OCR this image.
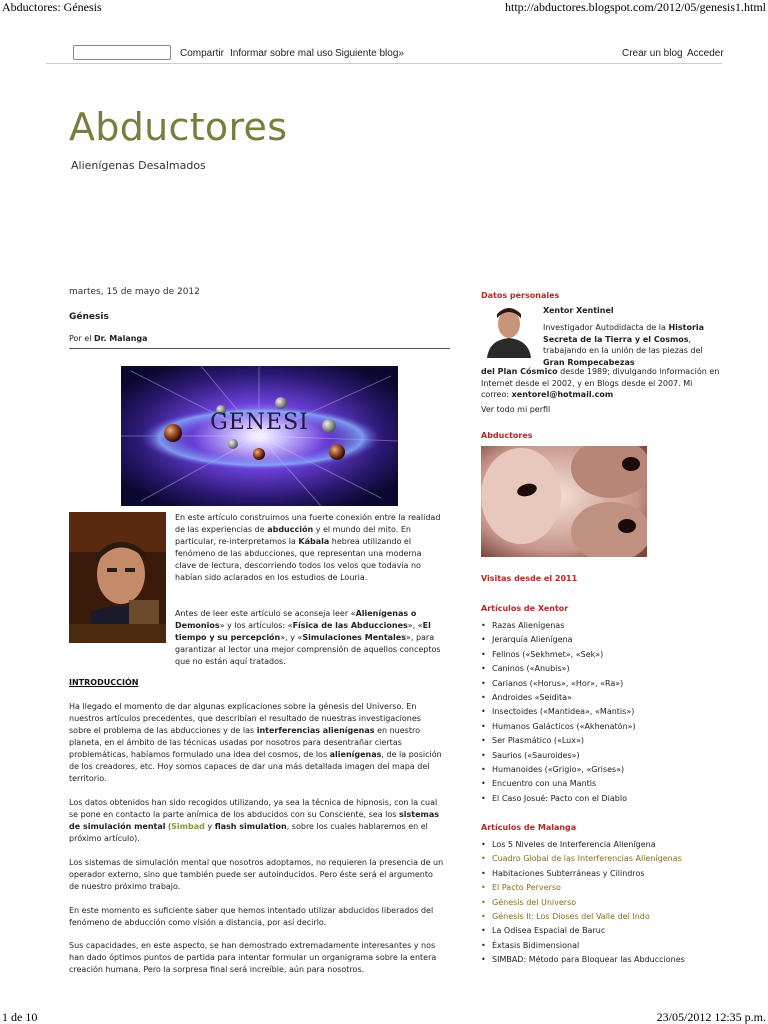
Abductores: Génesis	http://abductores.blogspot.com/2012/05/genesis1.html
1 de 10	23/05/2012 12:35 p.m.
Compartir Informar sobre mal uso Siguiente blog»	Crear un blog Acceder
Abductores
Alienígenas Desalmados
martes, 15 de mayo de 2012
Génesis
Por el Dr. Malanga
GENESI

En este artículo construimos una fuerte conexión entre la realidad de las experiencias de abducción y el mundo del mito. En particular, re-interpretamos la Kábala hebrea utilizando el fenómeno de las abducciones, que representan una moderna clave de lectura, descorriendo todos los velos que todavía no habían sido aclarados en los estudios de Louria.

Antes de leer este artículo se aconseja leer «Alienígenas o Demonios» y los artículos: «Física de las Abducciones», «El tiempo y su percepción», y «Simulaciones Mentales», para garantizar al lector una mejor comprensión de aquellos conceptos que no están aquí tratados.

INTRODUCCIÓN

Ha llegado el momento de dar algunas explicaciones sobre la génesis del Universo. En nuestros artículos precedentes, que describían el resultado de nuestras investigaciones sobre el problema de las abducciones y de las interferencias alienígenas en nuestro planeta, en el ámbito de las técnicas usadas por nosotros para desentrañar ciertas problemáticas, habíamos formulado una idea del cosmos, de los alienígenas, de la posición de los creadores, etc. Hoy somos capaces de dar una más detallada imagen del mapa del territorio.

Los datos obtenidos han sido recogidos utilizando, ya sea la técnica de hipnosis, con la cual se pone en contacto la parte anímica de los abducidos con su Consciente, sea los sistemas de simulación mental (Simbad y flash simulation, sobre los cuales hablaremos en el próximo artículo).

Los sistemas de simulación mental que nosotros adoptamos, no requieren la presencia de un operador externo, sino que también puede ser autoinducidos. Pero éste será el argumento de nuestro próximo trabajo.

En este momento es suficiente saber que hemos intentado utilizar abducidos liberados del fenómeno de abducción como visión a distancia, por así decirlo.

Sus capacidades, en este aspecto, se han demostrado extremadamente interesantes y nos han dado óptimos puntos de partida para intentar formular un organigrama sobre la entera creación humana. Pero la sorpresa final será increíble, aún para nosotros.

Datos personales
Xentor Xentinel

Investigador Autodidacta de la Historia Secreta de la Tierra y el Cosmos, trabajando en la unión de las piezas del Gran Rompecabezas

del Plan Cósmico desde 1989; divulgando información en Internet desde el 2002, y en Blogs desde el 2007. Mi correo: xentorel@hotmail.com

Ver todo mi perfil
Abductores
Visitas desde el 2011
Artículos de Xentor
• Razas Alienígenas
• Jerarquía Alienígena
• Felinos («Sekhmet», «Sek»)
• Caninos («Anubis»)
• Carianos («Horus», «Hor», «Ra»)
• Androides «Seidita»
• Insectoides («Mantidea», «Mantis»)
• Humanos Galácticos («Akhenatón»)
• Ser Plasmático («Lux»)
• Saurios («Sauroides»)
• Humanoides («Grigio», «Grises»)
• Encuentro con una Mantis
• El Caso Josué: Pacto con el Diablo
Artículos de Malanga
• Los 5 Niveles de Interferencia Alienígena
• Cuadro Global de las Interferencias Alienígenas
• Habitaciones Subterráneas y Cilindros
• El Pacto Perverso
• Génesis del Universo
• Génesis II: Los Dioses del Valle del Indo
• La Odisea Espacial de Baruc
• Éxtasis Bidimensional
• SIMBAD: Método para Bloquear las Abducciones
